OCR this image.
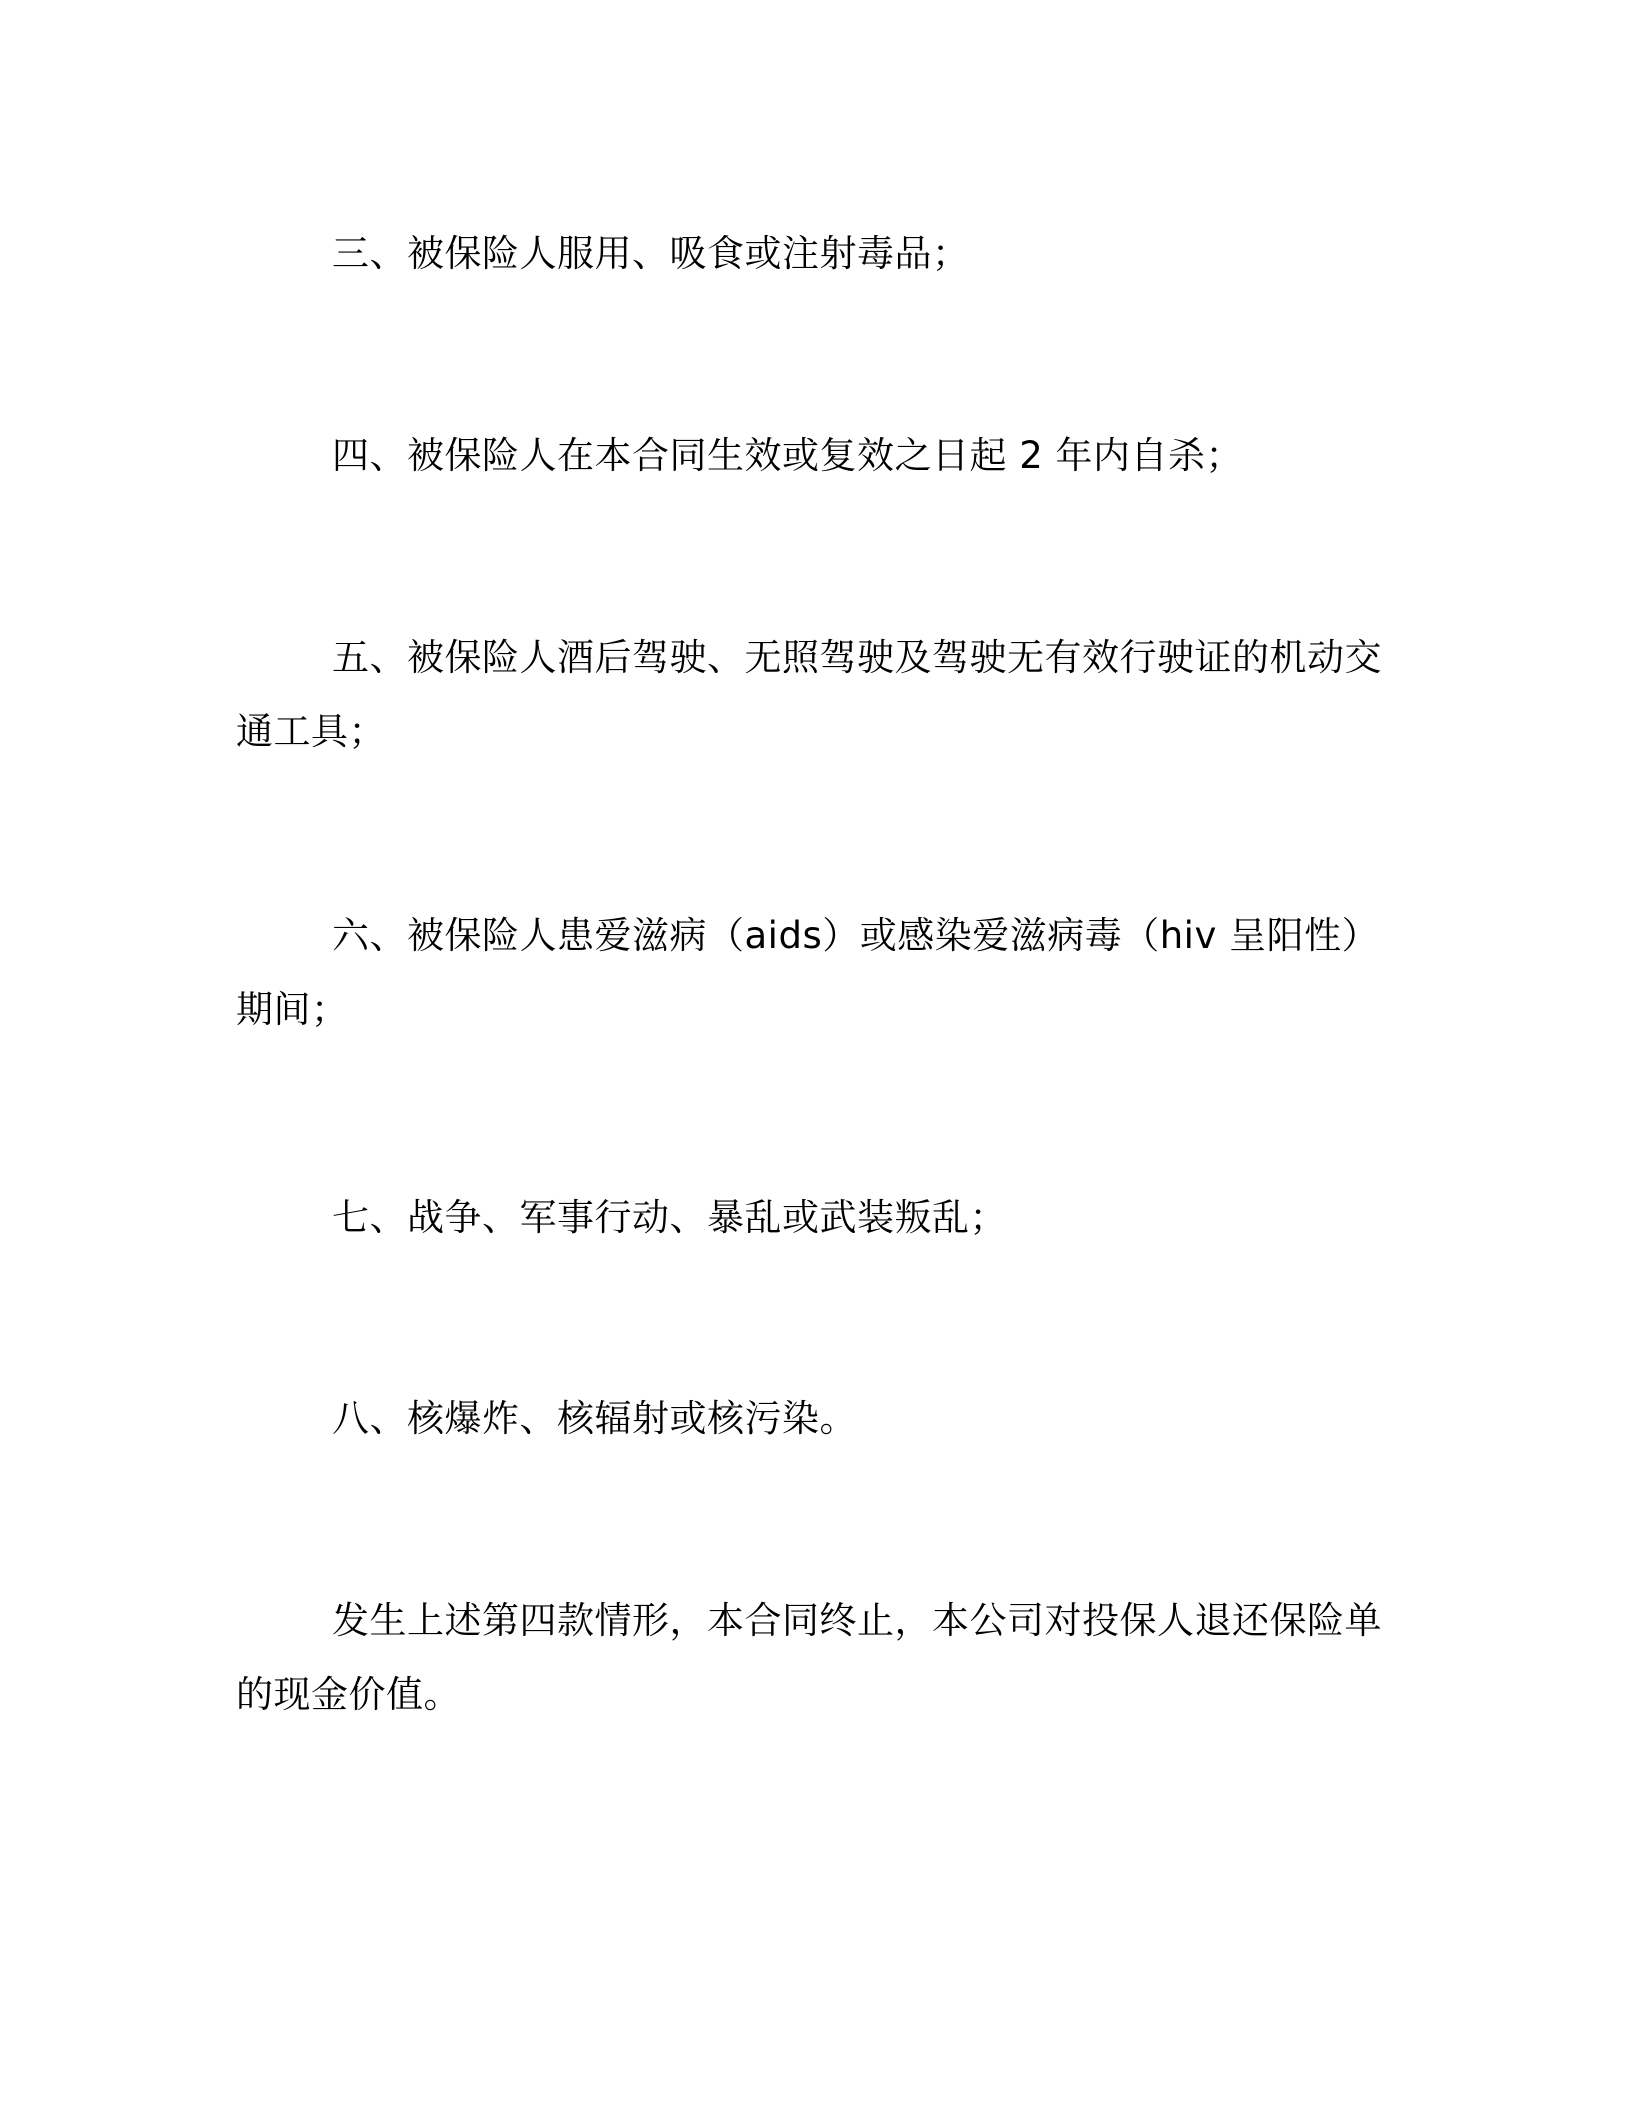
三、被保险人服用、吸食或注射毒品；

四、被保险人在本合同生效或复效之日起 2 年内自杀；

五、被保险人酒后驾驶、无照驾驶及驾驶无有效行驶证的机动交通工具；

六、被保险人患爱滋病（aids）或感染爱滋病毒（hiv 呈阳性）期间；

七、战争、军事行动、暴乱或武装叛乱；

八、核爆炸、核辐射或核污染。

发生上述第四款情形，本合同终止，本公司对投保人退还保险单的现金价值。
